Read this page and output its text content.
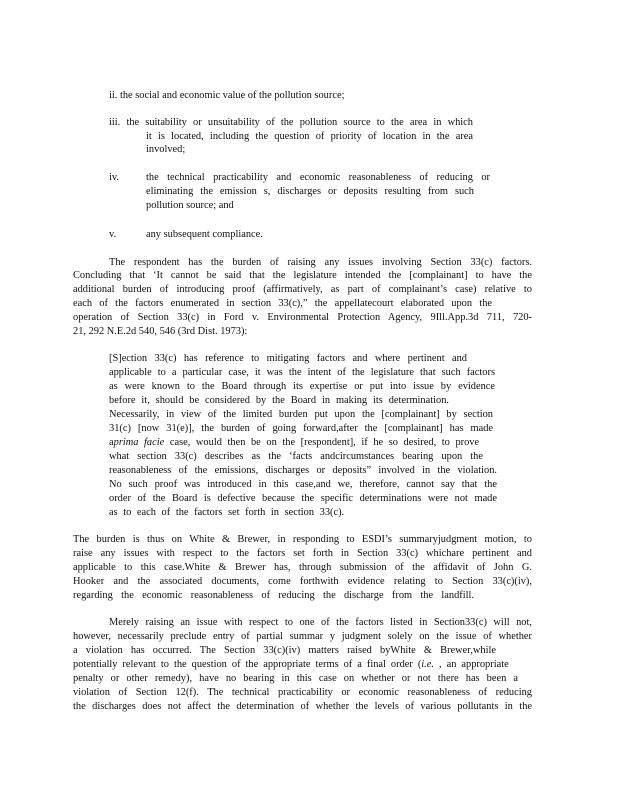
ii. the social and economic value of the pollution source;
iii. the suitability or unsuitability of the pollution source to the area in which
it is located, including the question of priority of location in the area
involved;
iv.	the technical practicability and economic reasonableness of reducing or
eliminating the emission s, discharges or deposits resulting from such
pollution source; and
v.	any subsequent compliance.
The respondent has the burden of raising any issues involving Section 33(c) factors.
Concluding that ‘It cannot be said that the legislature intended the [complainant] to have the
additional burden of introducing proof (affirmatively, as part of complainant’s case) relative to
each of the factors enumerated in section 33(c),” the appellatecourt elaborated upon the
operation of Section 33(c) in Ford v. Environmental Protection Agency, 9Ill.App.3d 711, 720-
21, 292 N.E.2d 540, 546 (3rd Dist. 1973):
[S]ection 33(c) has reference to mitigating factors and where pertinent and
applicable to a particular case, it was the intent of the legislature that such factors
as were known to the Board through its expertise or put into issue by evidence
before it, should be considered by the Board in making its determination.
Necessarily, in view of the limited burden put upon the [complainant] by section
31(c) [now 31(e)], the burden of going forward,after the [complainant] has made
aprima facie case, would then be on the [respondent], if he so desired, to prove
what section 33(c) describes as the ‘facts andcircumstances bearing upon the
reasonableness of the emissions, discharges or deposits” involved in the violation.
No such proof was introduced in this case,and we, therefore, cannot say that the
order of the Board is defective because the specific determinations were not made
as to each of the factors set forth in section 33(c).
The burden is thus on White & Brewer, in responding to ESDI’s summaryjudgment motion, to
raise any issues with respect to the factors set forth in Section 33(c) whichare pertinent and
applicable to this case.White & Brewer has, through submission of the affidavit of John G.
Hooker and the associated documents, come forthwith evidence relating to Section 33(c)(iv),
regarding the economic reasonableness of reducing the discharge from the landfill.
Merely raising an issue with respect to one of the factors listed in Section33(c) will not,
however, necessarily preclude entry of partial summar y judgment solely on the issue of whether
a violation has occurred. The Section 33(c)(iv) matters raised byWhite & Brewer,while
potentially relevant to the question of the appropriate terms of a final order (i.e. , an appropriate
penalty or other remedy), have no bearing in this case on whether or not there has been a
violation of Section 12(f). The technical practicability or economic reasonableness of reducing
the discharges does not affect the determination of whether the levels of various pollutants in the
